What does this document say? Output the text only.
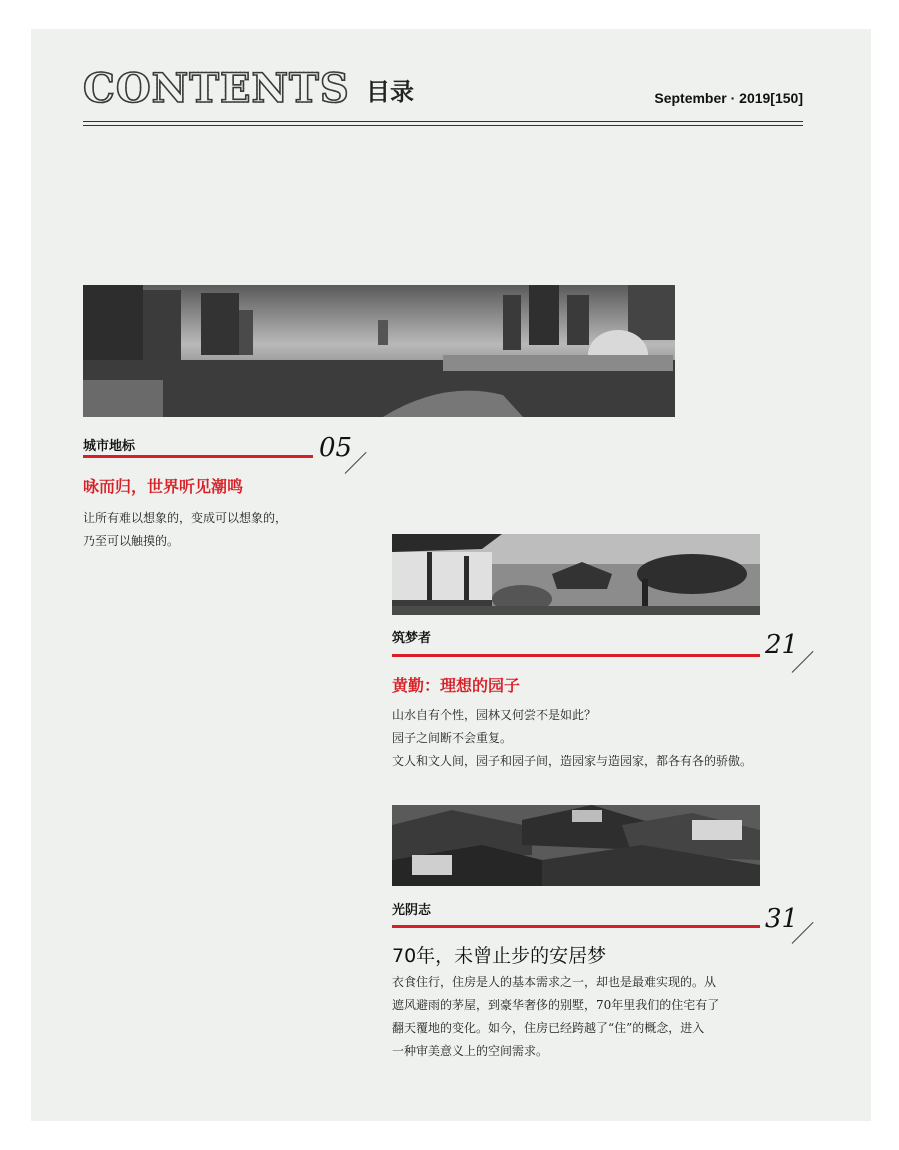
CONTENTS 目录	September · 2019[150]
城市地标	05
咏而归，世界听见潮鸣
让所有难以想象的，变成可以想象的，
乃至可以触摸的。
筑梦者	21
黄勤：理想的园子
山水自有个性，园林又何尝不是如此？
园子之间断不会重复。
文人和文人间，园子和园子间，造园家与造园家，都各有各的骄傲。
光阴志	31
70年，未曾止步的安居梦
衣食住行，住房是人的基本需求之一，却也是最难实现的。从
遮风避雨的茅屋，到豪华奢侈的别墅，70年里我们的住宅有了
翻天覆地的变化。如今，住房已经跨越了“住”的概念，进入
一种审美意义上的空间需求。
